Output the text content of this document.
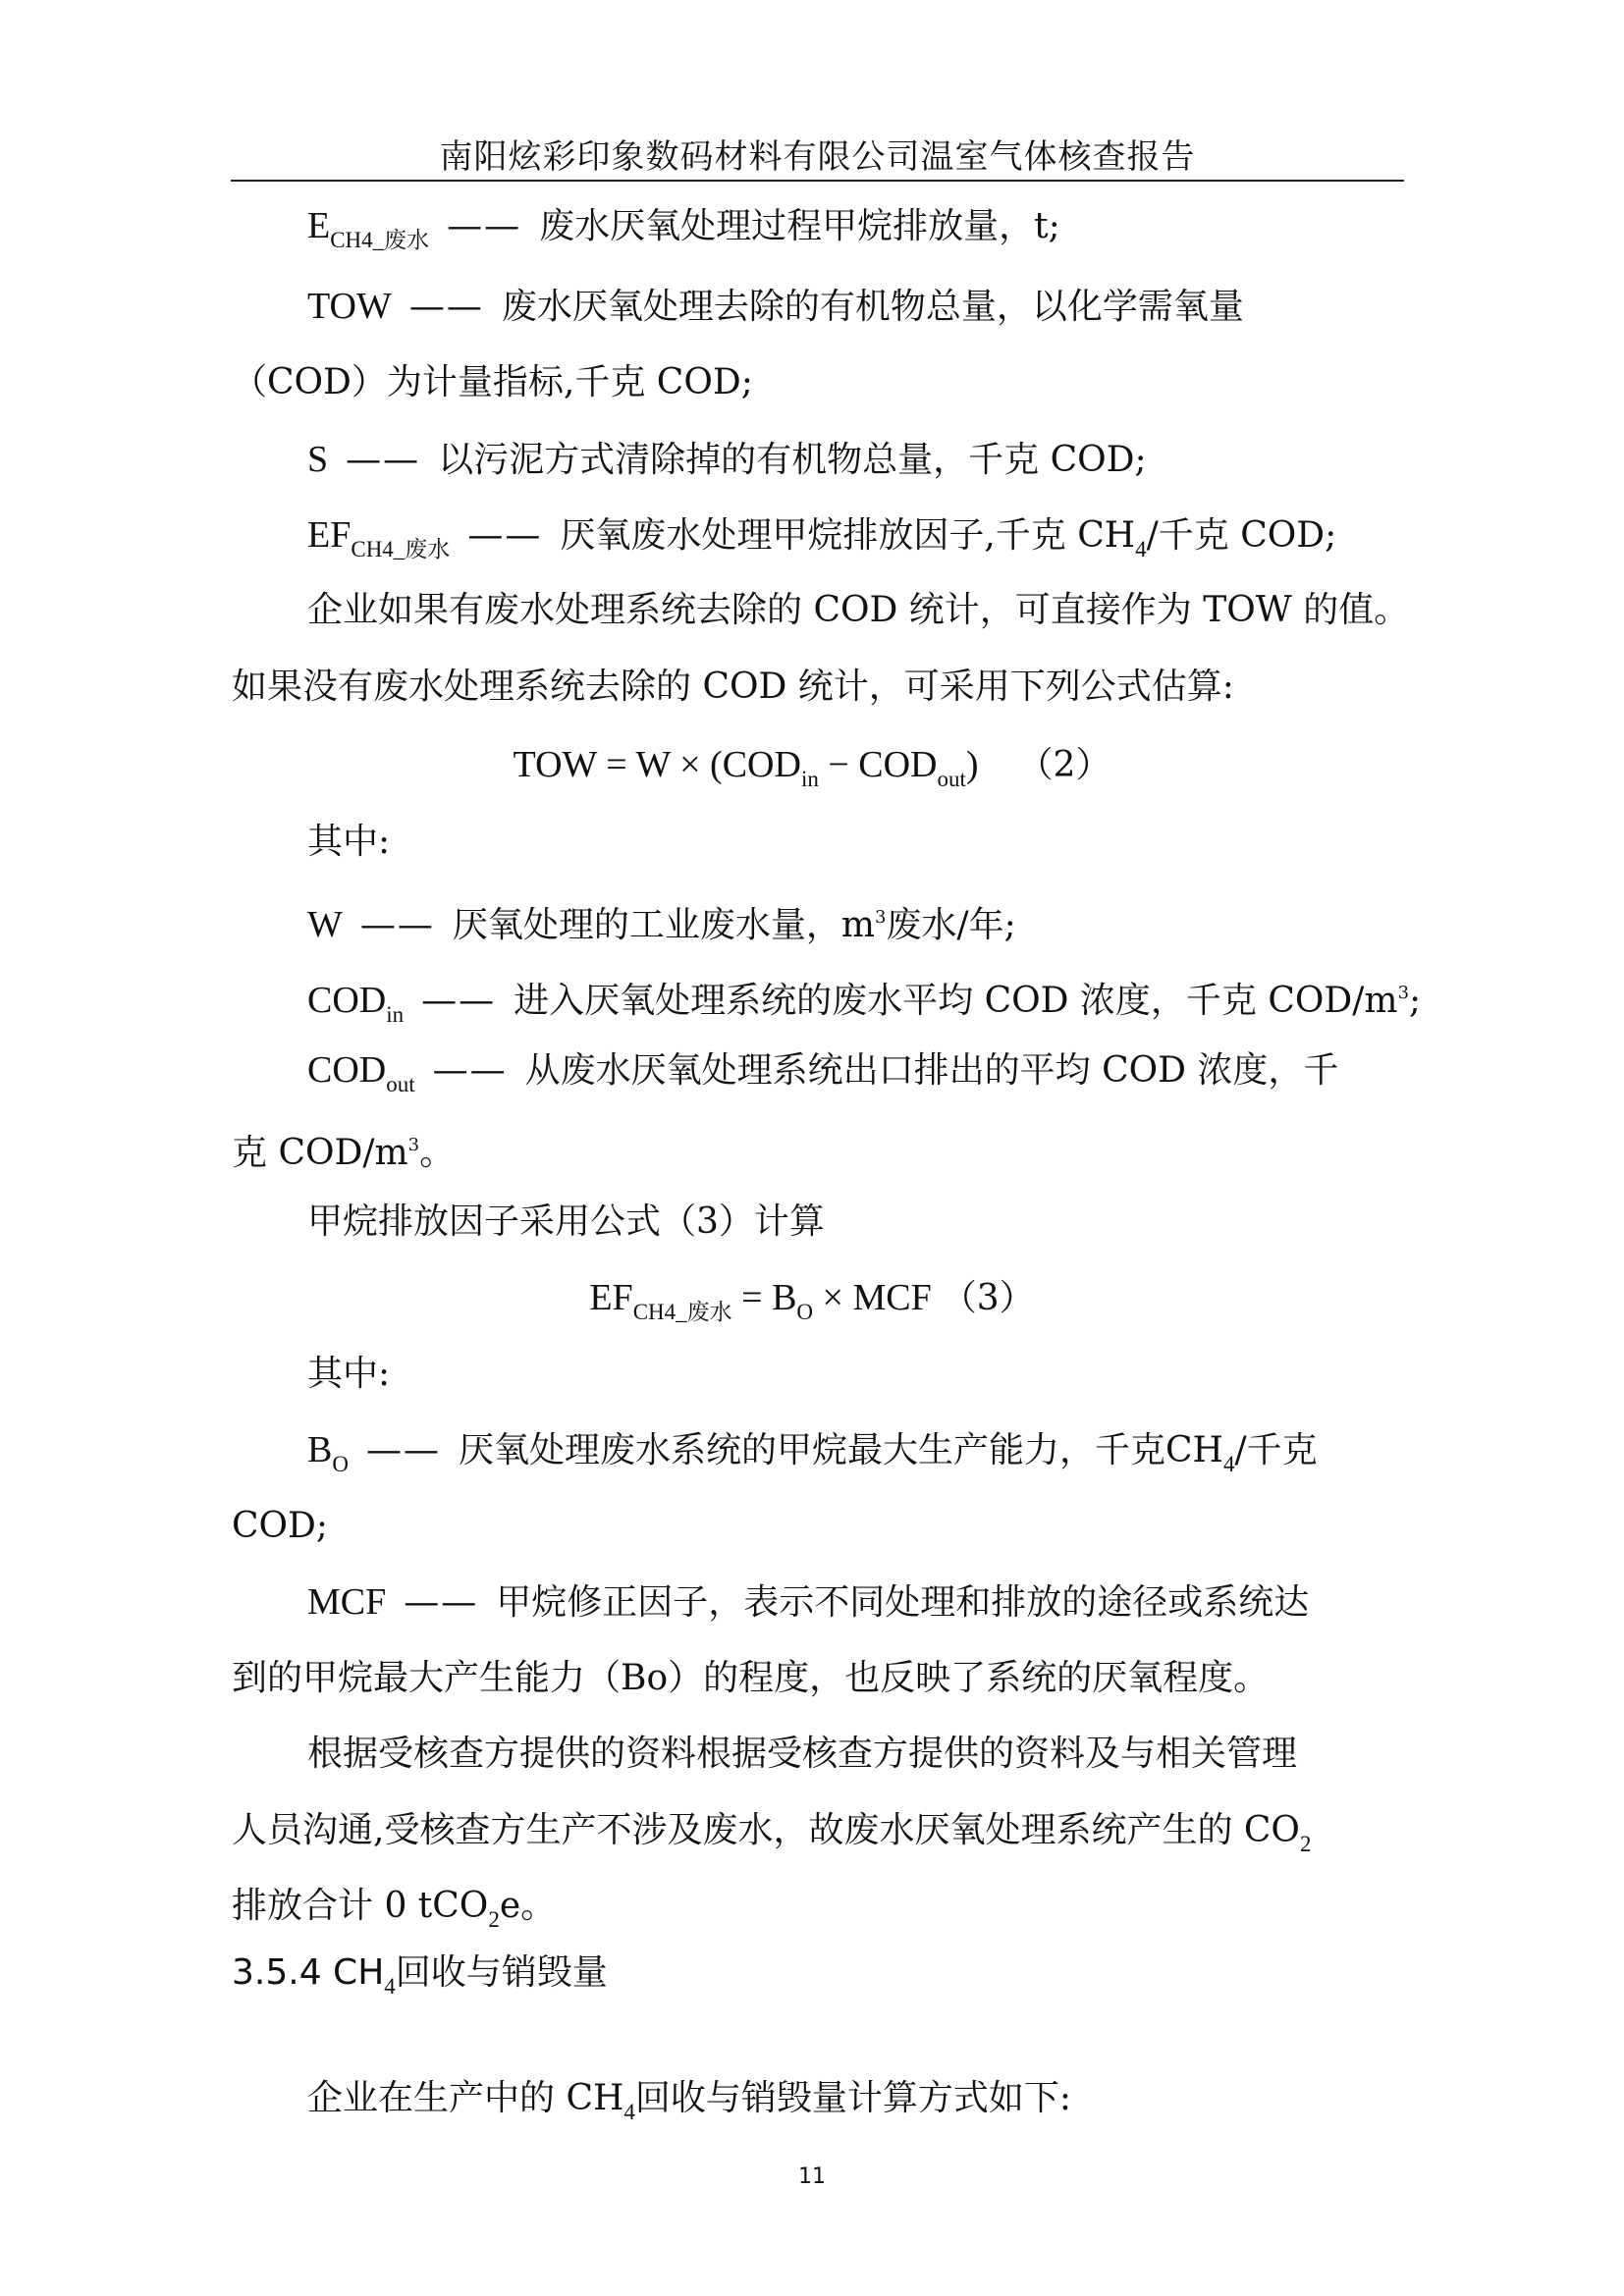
南阳炫彩印象数码材料有限公司温室气体核查报告
$E_{CH4\_废水}$ —— 废水厌氧处理过程甲烷排放量，t;
TOW —— 废水厌氧处理去除的有机物总量，以化学需氧量
（COD）为计量指标,千克 COD;
S —— 以污泥方式清除掉的有机物总量，千克 COD;
$EF_{CH4\_废水}$ —— 厌氧废水处理甲烷排放因子,千克 $CH_4/$千克 COD;
企业如果有废水处理系统去除的 COD 统计，可直接作为 TOW 的值。
如果没有废水处理系统去除的 COD 统计，可采用下列公式估算:
TOW = $W \times (COD_{in} - COD_{out})$ （2）
其中:
W —— 厌氧处理的工业废水量，$m^3$废水/年;
$COD_{in}$ —— 进入厌氧处理系统的废水平均 COD 浓度，千克 COD/$m^3$;
$COD_{out}$ —— 从废水厌氧处理系统出口排出的平均 COD 浓度，千
克 COD/$m^3$。
甲烷排放因子采用公式（3）计算
$EF_{CH4\_废水} = B_O$ × MCF （3）
其中:
$B_O$ —— 厌氧处理废水系统的甲烷最大生产能力，千克$CH_4/$千克
COD;
MCF —— 甲烷修正因子，表示不同处理和排放的途径或系统达
到的甲烷最大产生能力（Bo）的程度，也反映了系统的厌氧程度。
根据受核查方提供的资料根据受核查方提供的资料及与相关管理
人员沟通,受核查方生产不涉及废水，故废水厌氧处理系统产生的 $CO_2$
排放合计 0 tCO$_2$e。
3.5.4 $CH_4$回收与销毁量
企业在生产中的 $CH_4$回收与销毁量计算方式如下:
11
